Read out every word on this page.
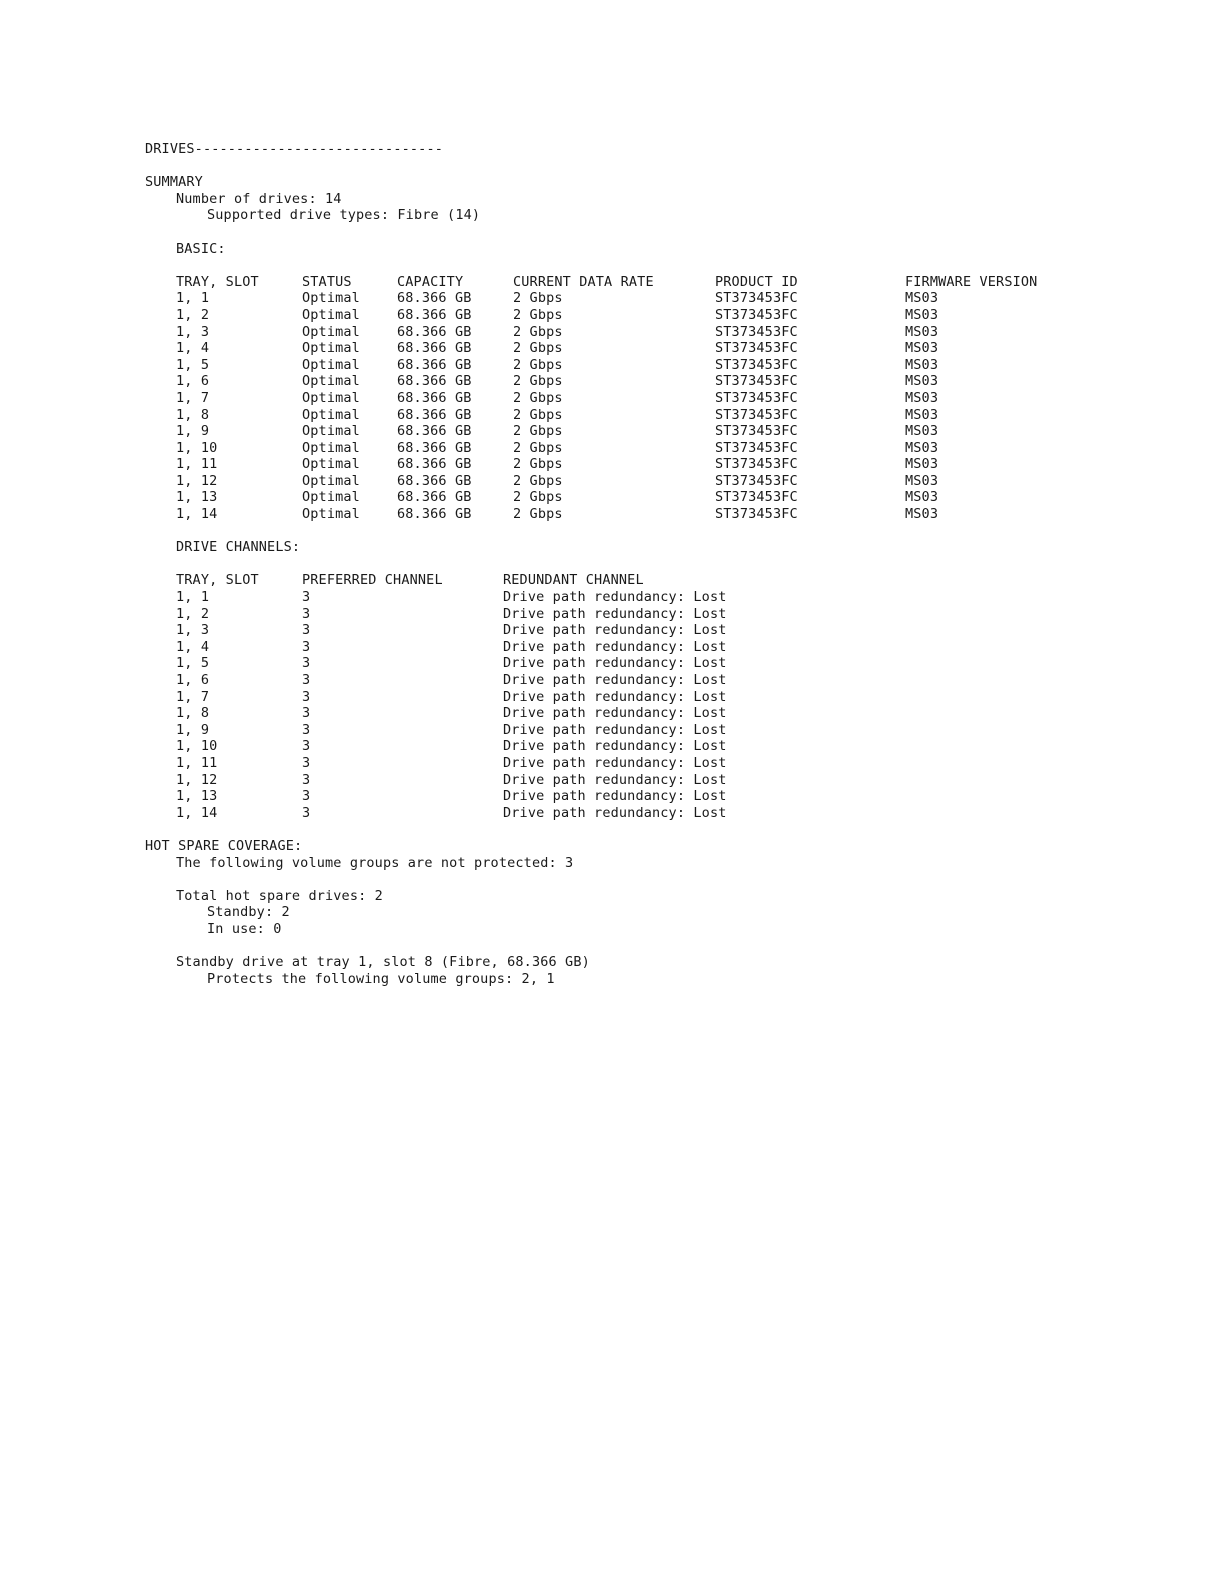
DRIVES------------------------------
SUMMARY
Number of drives: 14
Supported drive types: Fibre (14)
BASIC:
TRAY, SLOT	STATUS	CAPACITY	CURRENT DATA RATE	PRODUCT ID	FIRMWARE VERSION
1, 1	Optimal	68.366 GB	2 Gbps	ST373453FC	MS03
1, 2	Optimal	68.366 GB	2 Gbps	ST373453FC	MS03
1, 3	Optimal	68.366 GB	2 Gbps	ST373453FC	MS03
1, 4	Optimal	68.366 GB	2 Gbps	ST373453FC	MS03
1, 5	Optimal	68.366 GB	2 Gbps	ST373453FC	MS03
1, 6	Optimal	68.366 GB	2 Gbps	ST373453FC	MS03
1, 7	Optimal	68.366 GB	2 Gbps	ST373453FC	MS03
1, 8	Optimal	68.366 GB	2 Gbps	ST373453FC	MS03
1, 9	Optimal	68.366 GB	2 Gbps	ST373453FC	MS03
1, 10	Optimal	68.366 GB	2 Gbps	ST373453FC	MS03
1, 11	Optimal	68.366 GB	2 Gbps	ST373453FC	MS03
1, 12	Optimal	68.366 GB	2 Gbps	ST373453FC	MS03
1, 13	Optimal	68.366 GB	2 Gbps	ST373453FC	MS03
1, 14	Optimal	68.366 GB	2 Gbps	ST373453FC	MS03
DRIVE CHANNELS:
TRAY, SLOT	PREFERRED CHANNEL	REDUNDANT CHANNEL
1, 1	3	Drive path redundancy: Lost
1, 2	3	Drive path redundancy: Lost
1, 3	3	Drive path redundancy: Lost
1, 4	3	Drive path redundancy: Lost
1, 5	3	Drive path redundancy: Lost
1, 6	3	Drive path redundancy: Lost
1, 7	3	Drive path redundancy: Lost
1, 8	3	Drive path redundancy: Lost
1, 9	3	Drive path redundancy: Lost
1, 10	3	Drive path redundancy: Lost
1, 11	3	Drive path redundancy: Lost
1, 12	3	Drive path redundancy: Lost
1, 13	3	Drive path redundancy: Lost
1, 14	3	Drive path redundancy: Lost
HOT SPARE COVERAGE:
The following volume groups are not protected: 3
Total hot spare drives: 2
Standby: 2
In use: 0
Standby drive at tray 1, slot 8 (Fibre, 68.366 GB)
Protects the following volume groups: 2, 1
